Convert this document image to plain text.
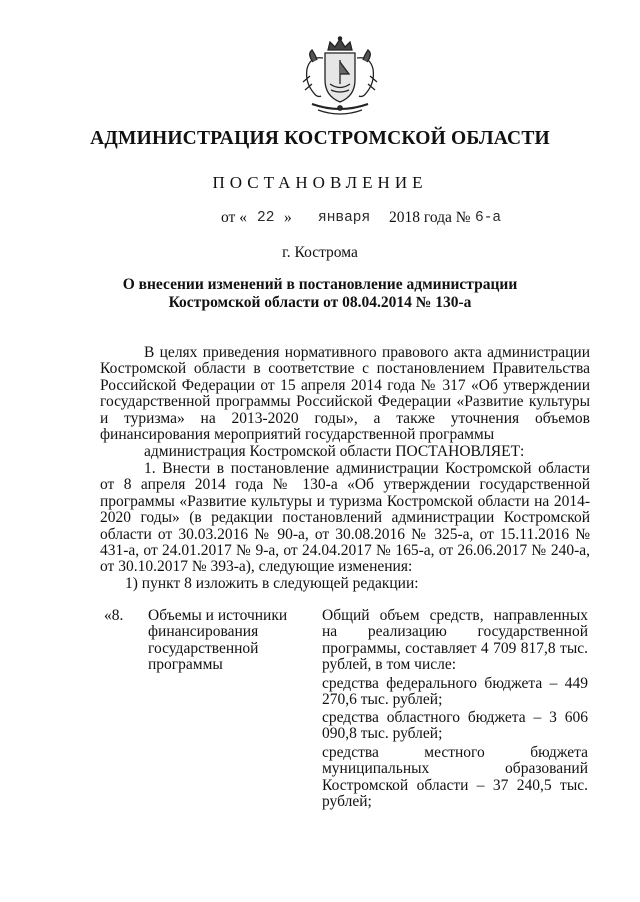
АДМИНИСТРАЦИЯ КОСТРОМСКОЙ ОБЛАСТИ
ПОСТАНОВЛЕНИЕ
от « 22 » января 2018 года № 6-а
г. Кострома
О внесении изменений в постановление администрации
Костромской области от 08.04.2014 № 130-а
В целях приведения нормативного правового акта администрации Костромской области в соответствие с постановлением Правительства Российской Федерации от 15 апреля 2014 года № 317 «Об утверждении государственной программы Российской Федерации «Развитие культуры и туризма» на 2013-2020 годы», а также уточнения объемов финансирования мероприятий государственной программы
администрация Костромской области ПОСТАНОВЛЯЕТ:
1. Внести в постановление администрации Костромской области от 8 апреля 2014 года № 130-а «Об утверждении государственной программы «Развитие культуры и туризма Костромской области на 2014-2020 годы» (в редакции постановлений администрации Костромской области от 30.03.2016 № 90-а, от 30.08.2016 № 325-а, от 15.11.2016 № 431-а, от 24.01.2017 № 9-а, от 24.04.2017 № 165-а, от 26.06.2017 № 240-а, от 30.10.2017 № 393-а), следующие изменения:
1) пункт 8 изложить в следующей редакции:
«8. Объемы и источники финансирования государственной программы
Общий объем средств, направленных на реализацию государственной программы, составляет 4 709 817,8 тыс. рублей, в том числе:
средства федерального бюджета – 449 270,6 тыс. рублей;
средства областного бюджета – 3 606 090,8 тыс. рублей;
средства местного бюджета муниципальных образований Костромской области – 37 240,5 тыс. рублей;
